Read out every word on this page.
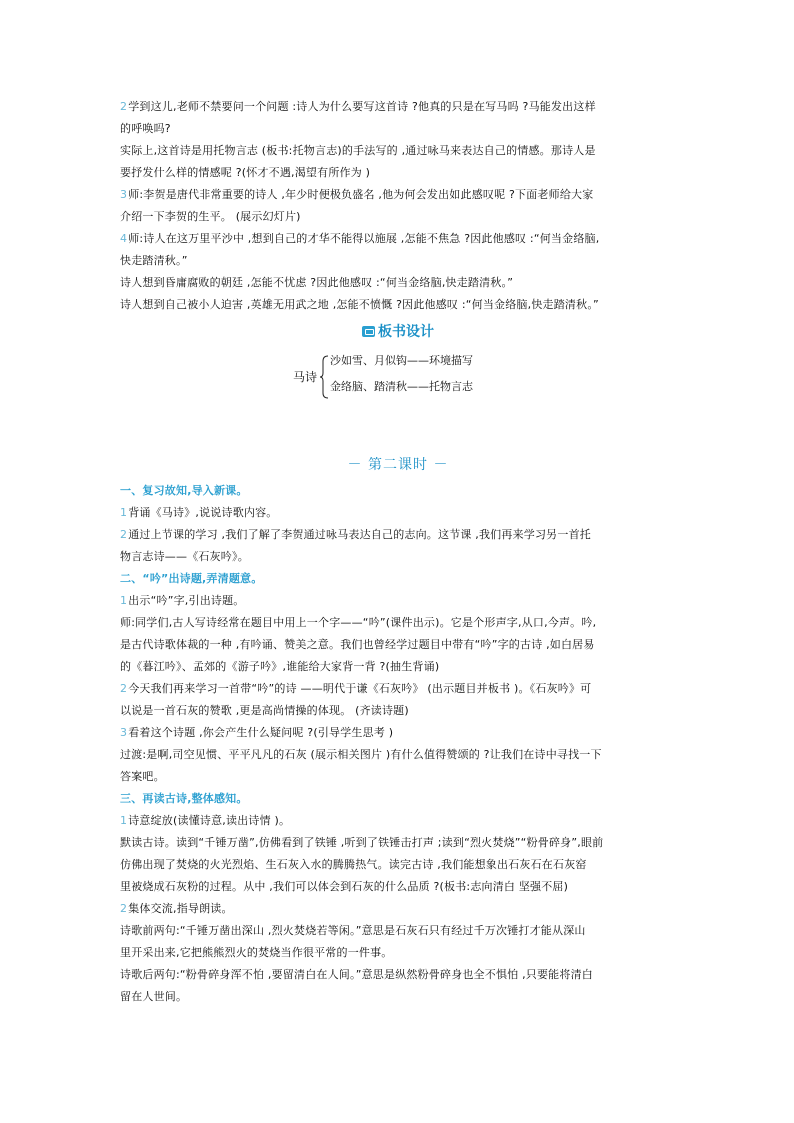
2学到这儿,老师不禁要问一个问题 :诗人为什么要写这首诗 ?他真的只是在写马吗 ?马能发出这样
的呼唤吗?
实际上,这首诗是用托物言志 (板书:托物言志)的手法写的 ,通过咏马来表达自己的情感。那诗人是
要抒发什么样的情感呢 ?(怀才不遇,渴望有所作为 )
3师:李贺是唐代非常重要的诗人 ,年少时便极负盛名 ,他为何会发出如此感叹呢 ?下面老师给大家
介绍一下李贺的生平。 (展示幻灯片)
4师:诗人在这万里平沙中 ,想到自己的才华不能得以施展 ,怎能不焦急 ?因此他感叹 :“何当金络脑,
快走踏清秋。”
诗人想到昏庸腐败的朝廷 ,怎能不忧虑 ?因此他感叹 :“何当金络脑,快走踏清秋。”
诗人想到自己被小人迫害 ,英雄无用武之地 ,怎能不愤慨 ?因此他感叹 :“何当金络脑,快走踏清秋。”
板书设计
马诗
沙如雪、月似钩——环境描写
金络脑、踏清秋——托物言志
－ 第二课时 －
一、复习故知,导入新课。
1背诵《马诗》,说说诗歌内容。
2通过上节课的学习 ,我们了解了李贺通过咏马表达自己的志向。这节课 ,我们再来学习另一首托
物言志诗——《石灰吟》。
二、“吟”出诗题,弄清题意。
1出示“吟”字,引出诗题。
师:同学们,古人写诗经常在题目中用上一个字——“吟”(课件出示)。它是个形声字,从口,今声。吟,
是古代诗歌体裁的一种 ,有吟诵、赞美之意。我们也曾经学过题目中带有“吟”字的古诗 ,如白居易
的《暮江吟》、孟郊的《游子吟》,谁能给大家背一背 ?(抽生背诵)
2今天我们再来学习一首带“吟”的诗 ——明代于谦《石灰吟》 (出示题目并板书 )。《石灰吟》可
以说是一首石灰的赞歌 ,更是高尚情操的体现。 (齐读诗题)
3看着这个诗题 ,你会产生什么疑问呢 ?(引导学生思考 )
过渡:是啊,司空见惯、平平凡凡的石灰 (展示相关图片 )有什么值得赞颂的 ?让我们在诗中寻找一下
答案吧。
三、再读古诗,整体感知。
1诗意绽放(读懂诗意,读出诗情 )。
默读古诗。读到“千锤万凿”,仿佛看到了铁锤 ,听到了铁锤击打声 ;读到“烈火焚烧”“粉骨碎身”,眼前
仿佛出现了焚烧的火光烈焰、生石灰入水的腾腾热气。读完古诗 ,我们能想象出石灰石在石灰窑
里被烧成石灰粉的过程。从中 ,我们可以体会到石灰的什么品质 ?(板书:志向清白 坚强不屈)
2集体交流,指导朗读。
诗歌前两句:“千锤万凿出深山 ,烈火焚烧若等闲。”意思是石灰石只有经过千万次锤打才能从深山
里开采出来,它把熊熊烈火的焚烧当作很平常的一件事。
诗歌后两句:“粉骨碎身浑不怕 ,要留清白在人间。”意思是纵然粉骨碎身也全不惧怕 ,只要能将清白
留在人世间。
